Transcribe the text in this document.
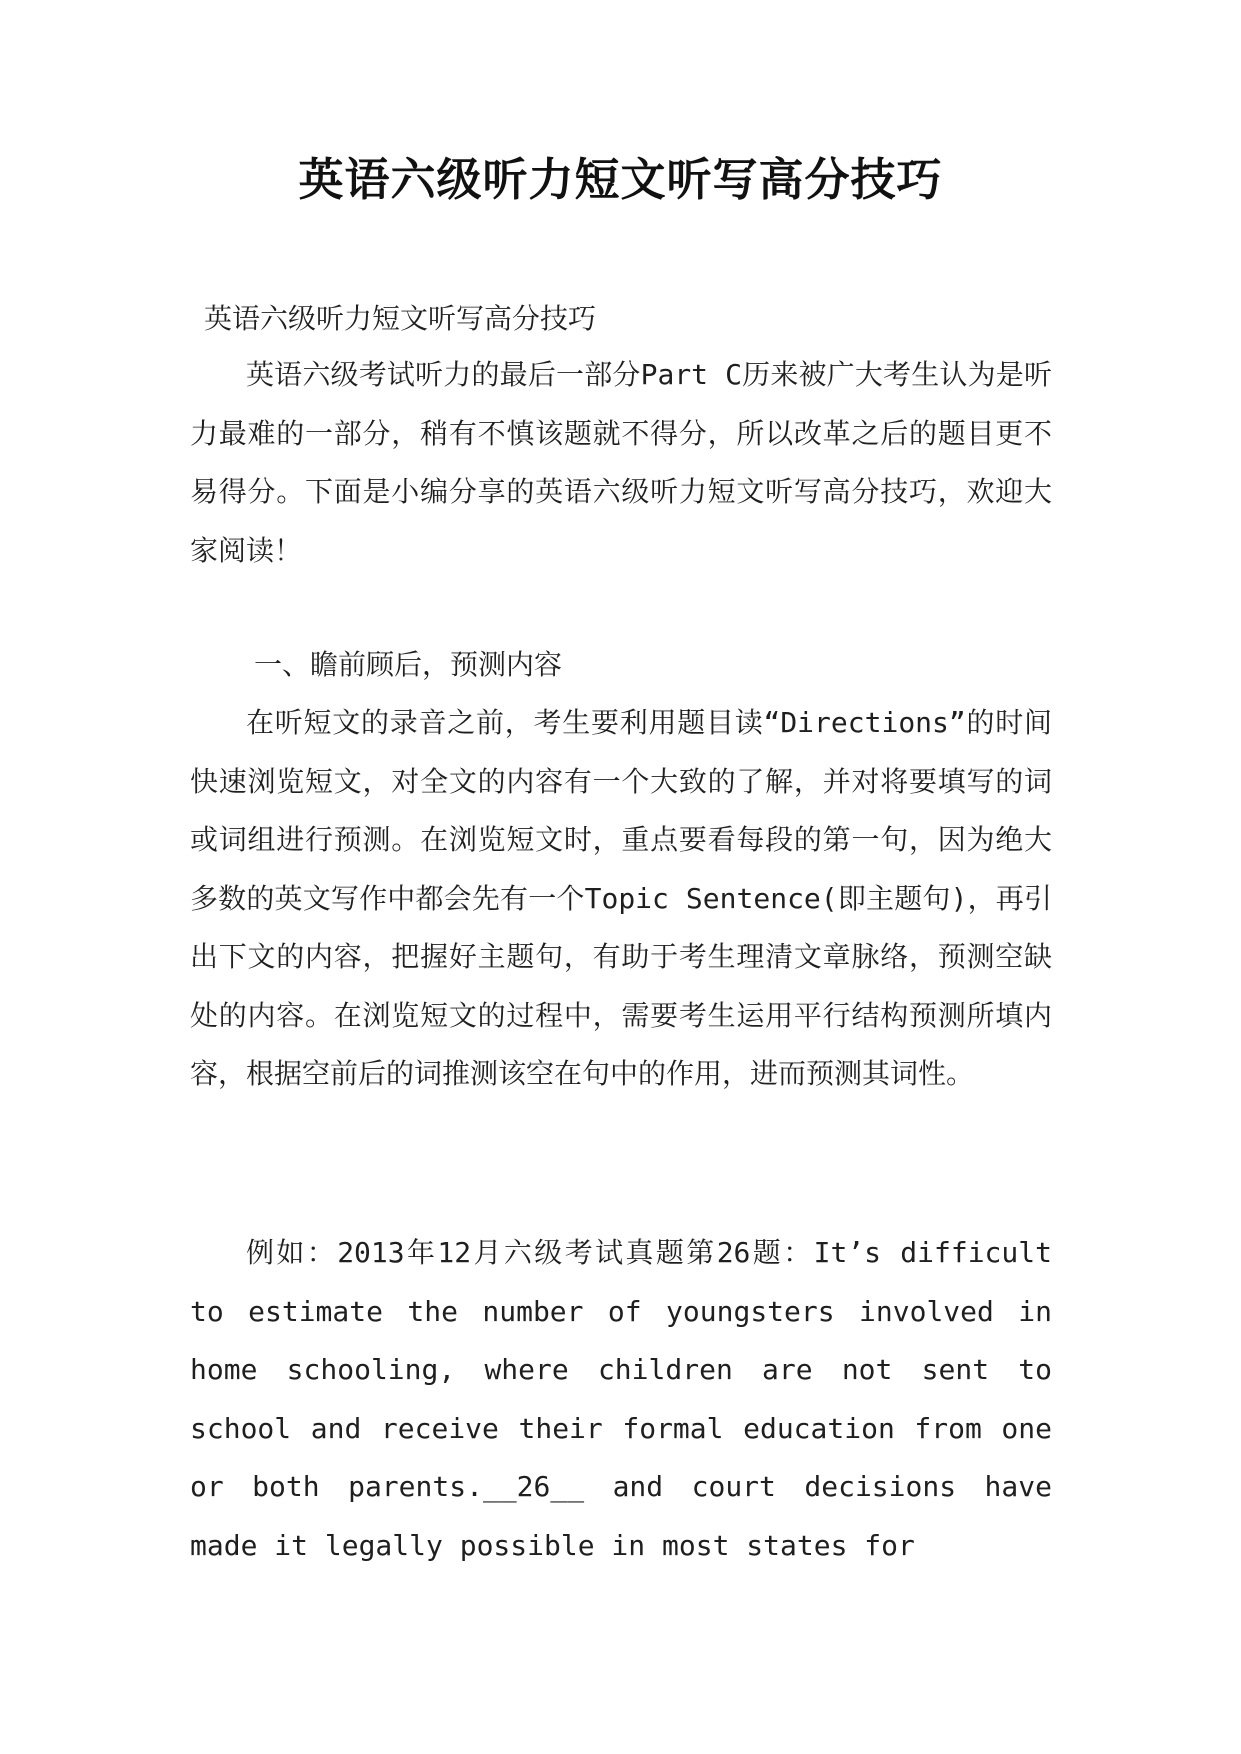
英语六级听力短文听写高分技巧
英语六级听力短文听写高分技巧

英语六级考试听力的最后一部分Part C历来被广大考生认为是听力最难的一部分，稍有不慎该题就不得分，所以改革之后的题目更不易得分。下面是小编分享的英语六级听力短文听写高分技巧，欢迎大家阅读！

一、瞻前顾后，预测内容

在听短文的录音之前，考生要利用题目读“Directions”的时间快速浏览短文，对全文的内容有一个大致的了解，并对将要填写的词或词组进行预测。在浏览短文时，重点要看每段的第一句，因为绝大多数的英文写作中都会先有一个Topic Sentence(即主题句)，再引出下文的内容，把握好主题句，有助于考生理清文章脉络，预测空缺处的内容。在浏览短文的过程中，需要考生运用平行结构预测所填内容，根据空前后的词推测该空在句中的作用，进而预测其词性。

例如：2013年12月六级考试真题第26题：It’s difficult to estimate the number of youngsters involved in home schooling, where children are not sent to school and receive their formal education from one or both parents.__26__ and court decisions have made it legally possible in most states for
